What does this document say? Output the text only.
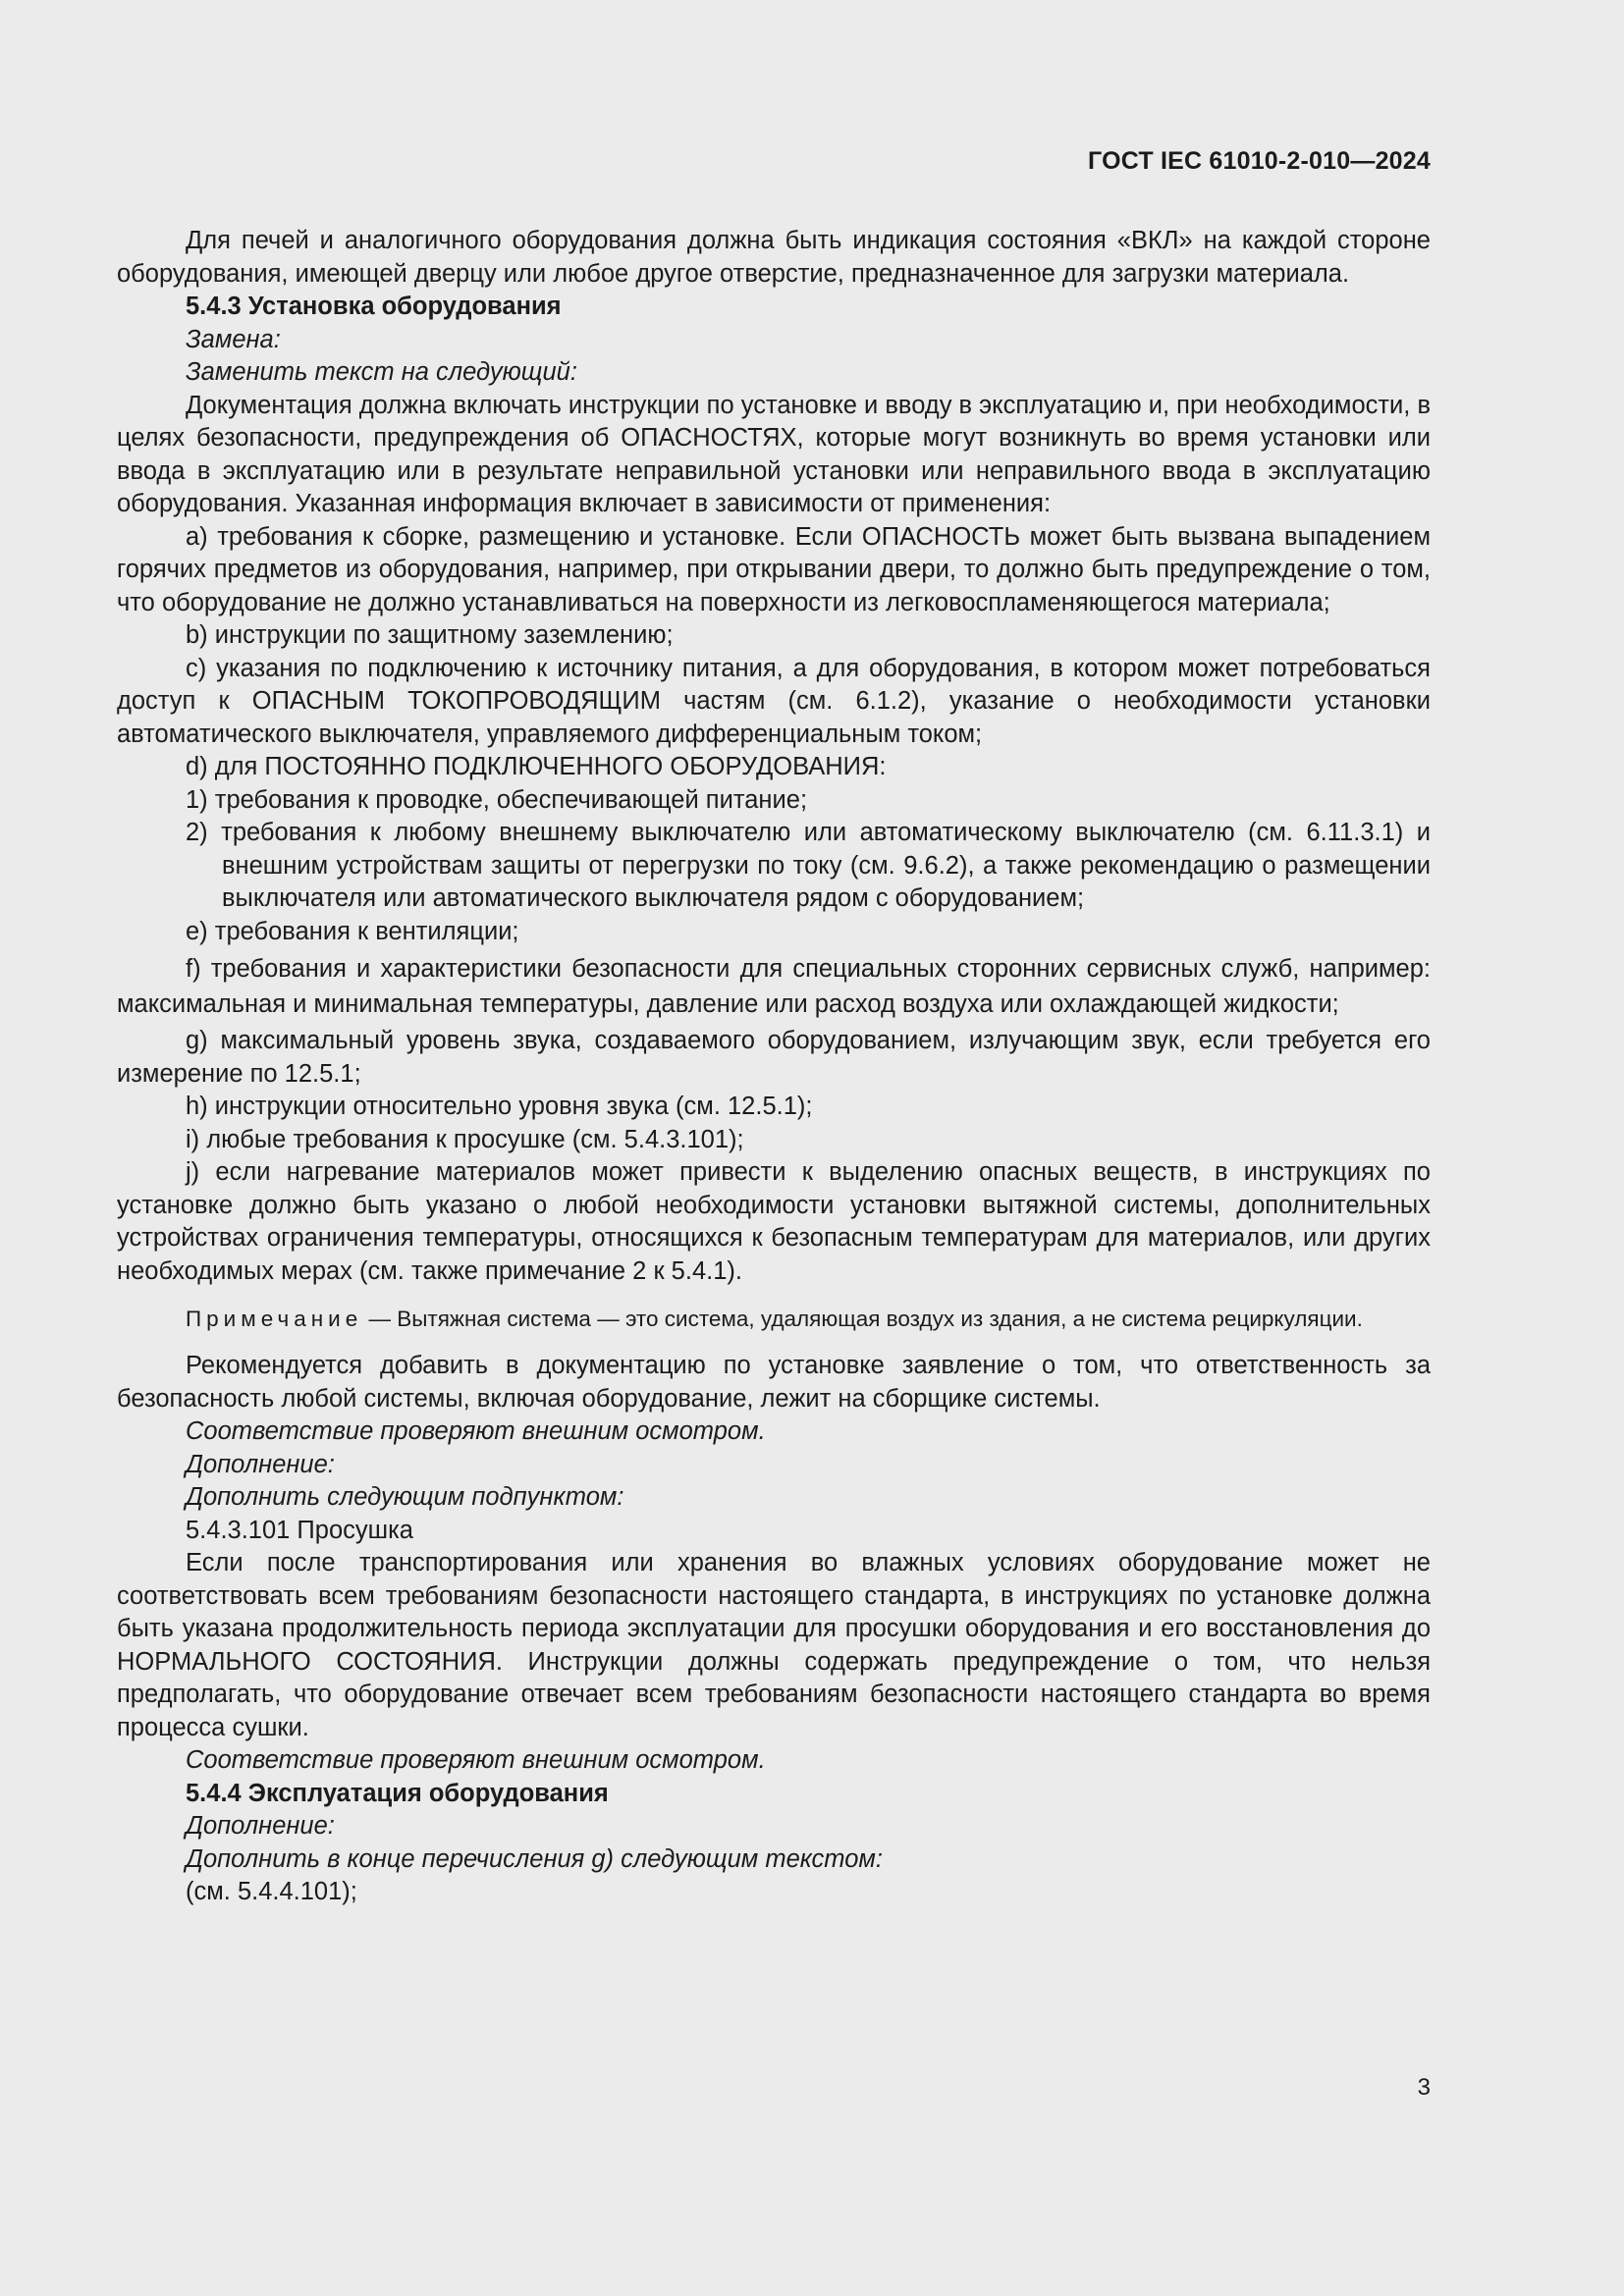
ГОСТ IEC 61010-2-010—2024

Для печей и аналогичного оборудования должна быть индикация состояния «ВКЛ» на каждой стороне оборудования, имеющей дверцу или любое другое отверстие, предназначенное для загрузки материала.

5.4.3 Установка оборудования

Замена:

Заменить текст на следующий:

Документация должна включать инструкции по установке и вводу в эксплуатацию и, при необходимости, в целях безопасности, предупреждения об ОПАСНОСТЯХ, которые могут возникнуть во время установки или ввода в эксплуатацию или в результате неправильной установки или неправильного ввода в эксплуатацию оборудования. Указанная информация включает в зависимости от применения:

a) требования к сборке, размещению и установке. Если ОПАСНОСТЬ может быть вызвана выпадением горячих предметов из оборудования, например, при открывании двери, то должно быть предупреждение о том, что оборудование не должно устанавливаться на поверхности из легковоспламеняющегося материала;

b) инструкции по защитному заземлению;

c) указания по подключению к источнику питания, а для оборудования, в котором может потребоваться доступ к ОПАСНЫМ ТОКОПРОВОДЯЩИМ частям (см. 6.1.2), указание о необходимости установки автоматического выключателя, управляемого дифференциальным током;

d) для ПОСТОЯННО ПОДКЛЮЧЕННОГО ОБОРУДОВАНИЯ:

1) требования к проводке, обеспечивающей питание;

2) требования к любому внешнему выключателю или автоматическому выключателю (см. 6.11.3.1) и внешним устройствам защиты от перегрузки по току (см. 9.6.2), а также рекомендацию о размещении выключателя или автоматического выключателя рядом с оборудованием;

e) требования к вентиляции;

f) требования и характеристики безопасности для специальных сторонних сервисных служб, например: максимальная и минимальная температуры, давление или расход воздуха или охлаждающей жидкости;

g) максимальный уровень звука, создаваемого оборудованием, излучающим звук, если требуется его измерение по 12.5.1;

h) инструкции относительно уровня звука (см. 12.5.1);

i) любые требования к просушке (см. 5.4.3.101);

j) если нагревание материалов может привести к выделению опасных веществ, в инструкциях по установке должно быть указано о любой необходимости установки вытяжной системы, дополнительных устройствах ограничения температуры, относящихся к безопасным температурам для материалов, или других необходимых мерах (см. также примечание 2 к 5.4.1).

Примечание — Вытяжная система — это система, удаляющая воздух из здания, а не система рециркуляции.

Рекомендуется добавить в документацию по установке заявление о том, что ответственность за безопасность любой системы, включая оборудование, лежит на сборщике системы.

Соответствие проверяют внешним осмотром.

Дополнение:

Дополнить следующим подпунктом:

5.4.3.101 Просушка

Если после транспортирования или хранения во влажных условиях оборудование может не соответствовать всем требованиям безопасности настоящего стандарта, в инструкциях по установке должна быть указана продолжительность периода эксплуатации для просушки оборудования и его восстановления до НОРМАЛЬНОГО СОСТОЯНИЯ. Инструкции должны содержать предупреждение о том, что нельзя предполагать, что оборудование отвечает всем требованиям безопасности настоящего стандарта во время процесса сушки.

Соответствие проверяют внешним осмотром.

5.4.4 Эксплуатация оборудования

Дополнение:

Дополнить в конце перечисления g) следующим текстом:

(см. 5.4.4.101);

3
